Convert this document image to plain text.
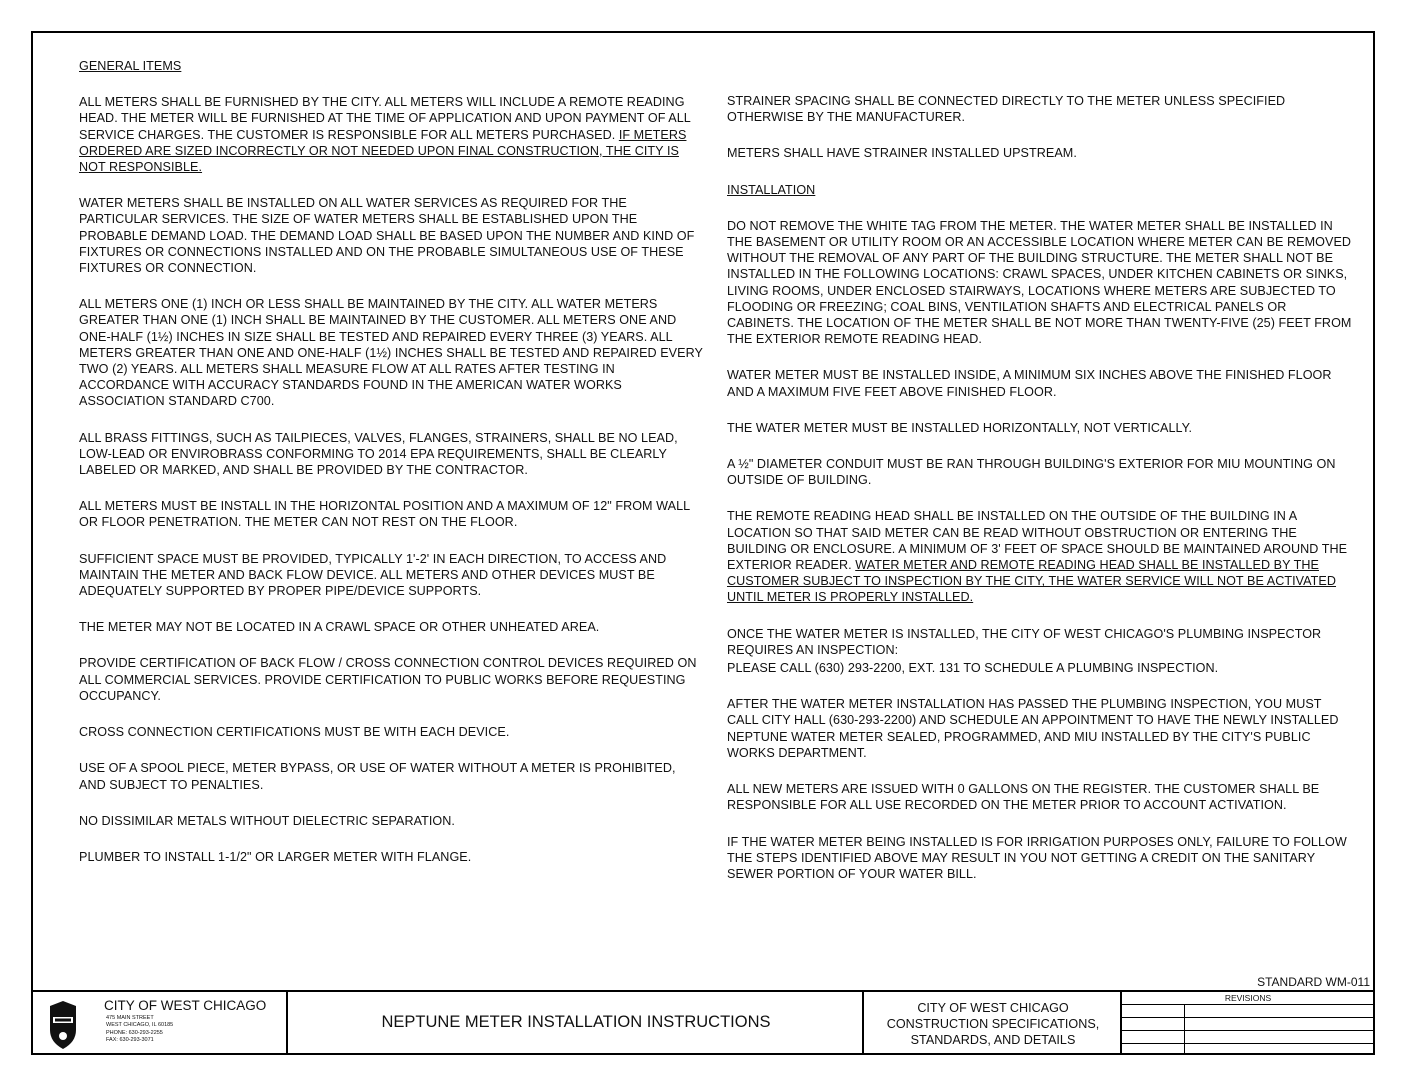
GENERAL ITEMS

ALL METERS SHALL BE FURNISHED BY THE CITY. ALL METERS WILL INCLUDE A REMOTE READING HEAD. THE METER WILL BE FURNISHED AT THE TIME OF APPLICATION AND UPON PAYMENT OF ALL SERVICE CHARGES. THE CUSTOMER IS RESPONSIBLE FOR ALL METERS PURCHASED. IF METERS ORDERED ARE SIZED INCORRECTLY OR NOT NEEDED UPON FINAL CONSTRUCTION, THE CITY IS NOT RESPONSIBLE.

WATER METERS SHALL BE INSTALLED ON ALL WATER SERVICES AS REQUIRED FOR THE PARTICULAR SERVICES. THE SIZE OF WATER METERS SHALL BE ESTABLISHED UPON THE PROBABLE DEMAND LOAD. THE DEMAND LOAD SHALL BE BASED UPON THE NUMBER AND KIND OF FIXTURES OR CONNECTIONS INSTALLED AND ON THE PROBABLE SIMULTANEOUS USE OF THESE FIXTURES OR CONNECTION.

ALL METERS ONE (1) INCH OR LESS SHALL BE MAINTAINED BY THE CITY. ALL WATER METERS GREATER THAN ONE (1) INCH SHALL BE MAINTAINED BY THE CUSTOMER. ALL METERS ONE AND ONE-HALF (1½) INCHES IN SIZE SHALL BE TESTED AND REPAIRED EVERY THREE (3) YEARS. ALL METERS GREATER THAN ONE AND ONE-HALF (1½) INCHES SHALL BE TESTED AND REPAIRED EVERY TWO (2) YEARS. ALL METERS SHALL MEASURE FLOW AT ALL RATES AFTER TESTING IN ACCORDANCE WITH ACCURACY STANDARDS FOUND IN THE AMERICAN WATER WORKS ASSOCIATION STANDARD C700.

ALL BRASS FITTINGS, SUCH AS TAILPIECES, VALVES, FLANGES, STRAINERS, SHALL BE NO LEAD, LOW-LEAD OR ENVIROBRASS CONFORMING TO 2014 EPA REQUIREMENTS, SHALL BE CLEARLY LABELED OR MARKED, AND SHALL BE PROVIDED BY THE CONTRACTOR.

ALL METERS MUST BE INSTALL IN THE HORIZONTAL POSITION AND A MAXIMUM OF 12" FROM WALL OR FLOOR PENETRATION. THE METER CAN NOT REST ON THE FLOOR.

SUFFICIENT SPACE MUST BE PROVIDED, TYPICALLY 1'-2' IN EACH DIRECTION, TO ACCESS AND MAINTAIN THE METER AND BACK FLOW DEVICE. ALL METERS AND OTHER DEVICES MUST BE ADEQUATELY SUPPORTED BY PROPER PIPE/DEVICE SUPPORTS.

THE METER MAY NOT BE LOCATED IN A CRAWL SPACE OR OTHER UNHEATED AREA.

PROVIDE CERTIFICATION OF BACK FLOW / CROSS CONNECTION CONTROL DEVICES REQUIRED ON ALL COMMERCIAL SERVICES. PROVIDE CERTIFICATION TO PUBLIC WORKS BEFORE REQUESTING OCCUPANCY.

CROSS CONNECTION CERTIFICATIONS MUST BE WITH EACH DEVICE.

USE OF A SPOOL PIECE, METER BYPASS, OR USE OF WATER WITHOUT A METER IS PROHIBITED, AND SUBJECT TO PENALTIES.

NO DISSIMILAR METALS WITHOUT DIELECTRIC SEPARATION.

PLUMBER TO INSTALL 1-1/2" OR LARGER METER WITH FLANGE.

STRAINER SPACING SHALL BE CONNECTED DIRECTLY TO THE METER UNLESS SPECIFIED OTHERWISE BY THE MANUFACTURER.

METERS SHALL HAVE STRAINER INSTALLED UPSTREAM.

INSTALLATION

DO NOT REMOVE THE WHITE TAG FROM THE METER. THE WATER METER SHALL BE INSTALLED IN THE BASEMENT OR UTILITY ROOM OR AN ACCESSIBLE LOCATION WHERE METER CAN BE REMOVED WITHOUT THE REMOVAL OF ANY PART OF THE BUILDING STRUCTURE. THE METER SHALL NOT BE INSTALLED IN THE FOLLOWING LOCATIONS: CRAWL SPACES, UNDER KITCHEN CABINETS OR SINKS, LIVING ROOMS, UNDER ENCLOSED STAIRWAYS, LOCATIONS WHERE METERS ARE SUBJECTED TO FLOODING OR FREEZING; COAL BINS, VENTILATION SHAFTS AND ELECTRICAL PANELS OR CABINETS. THE LOCATION OF THE METER SHALL BE NOT MORE THAN TWENTY-FIVE (25) FEET FROM THE EXTERIOR REMOTE READING HEAD.

WATER METER MUST BE INSTALLED INSIDE, A MINIMUM SIX INCHES ABOVE THE FINISHED FLOOR AND A MAXIMUM FIVE FEET ABOVE FINISHED FLOOR.

THE WATER METER MUST BE INSTALLED HORIZONTALLY, NOT VERTICALLY.

A ½" DIAMETER CONDUIT MUST BE RAN THROUGH BUILDING'S EXTERIOR FOR MIU MOUNTING ON OUTSIDE OF BUILDING.

THE REMOTE READING HEAD SHALL BE INSTALLED ON THE OUTSIDE OF THE BUILDING IN A LOCATION SO THAT SAID METER CAN BE READ WITHOUT OBSTRUCTION OR ENTERING THE BUILDING OR ENCLOSURE. A MINIMUM OF 3' FEET OF SPACE SHOULD BE MAINTAINED AROUND THE EXTERIOR READER. WATER METER AND REMOTE READING HEAD SHALL BE INSTALLED BY THE CUSTOMER SUBJECT TO INSPECTION BY THE CITY, THE WATER SERVICE WILL NOT BE ACTIVATED UNTIL METER IS PROPERLY INSTALLED.

ONCE THE WATER METER IS INSTALLED, THE CITY OF WEST CHICAGO'S PLUMBING INSPECTOR REQUIRES AN INSPECTION:

PLEASE CALL (630) 293-2200, EXT. 131 TO SCHEDULE A PLUMBING INSPECTION.

AFTER THE WATER METER INSTALLATION HAS PASSED THE PLUMBING INSPECTION, YOU MUST CALL CITY HALL (630-293-2200) AND SCHEDULE AN APPOINTMENT TO HAVE THE NEWLY INSTALLED NEPTUNE WATER METER SEALED, PROGRAMMED, AND MIU INSTALLED BY THE CITY'S PUBLIC WORKS DEPARTMENT.

ALL NEW METERS ARE ISSUED WITH 0 GALLONS ON THE REGISTER. THE CUSTOMER SHALL BE RESPONSIBLE FOR ALL USE RECORDED ON THE METER PRIOR TO ACCOUNT ACTIVATION.

IF THE WATER METER BEING INSTALLED IS FOR IRRIGATION PURPOSES ONLY, FAILURE TO FOLLOW THE STEPS IDENTIFIED ABOVE MAY RESULT IN YOU NOT GETTING A CREDIT ON THE SANITARY SEWER PORTION OF YOUR WATER BILL.

STANDARD WM-011
CITY OF WEST CHICAGO
475 MAIN STREET
WEST CHICAGO, IL 60185
PHONE: 630-293-2255
FAX: 630-293-3071
NEPTUNE METER INSTALLATION INSTRUCTIONS
CITY OF WEST CHICAGO
CONSTRUCTION SPECIFICATIONS,
STANDARDS, AND DETAILS
REVISIONS
